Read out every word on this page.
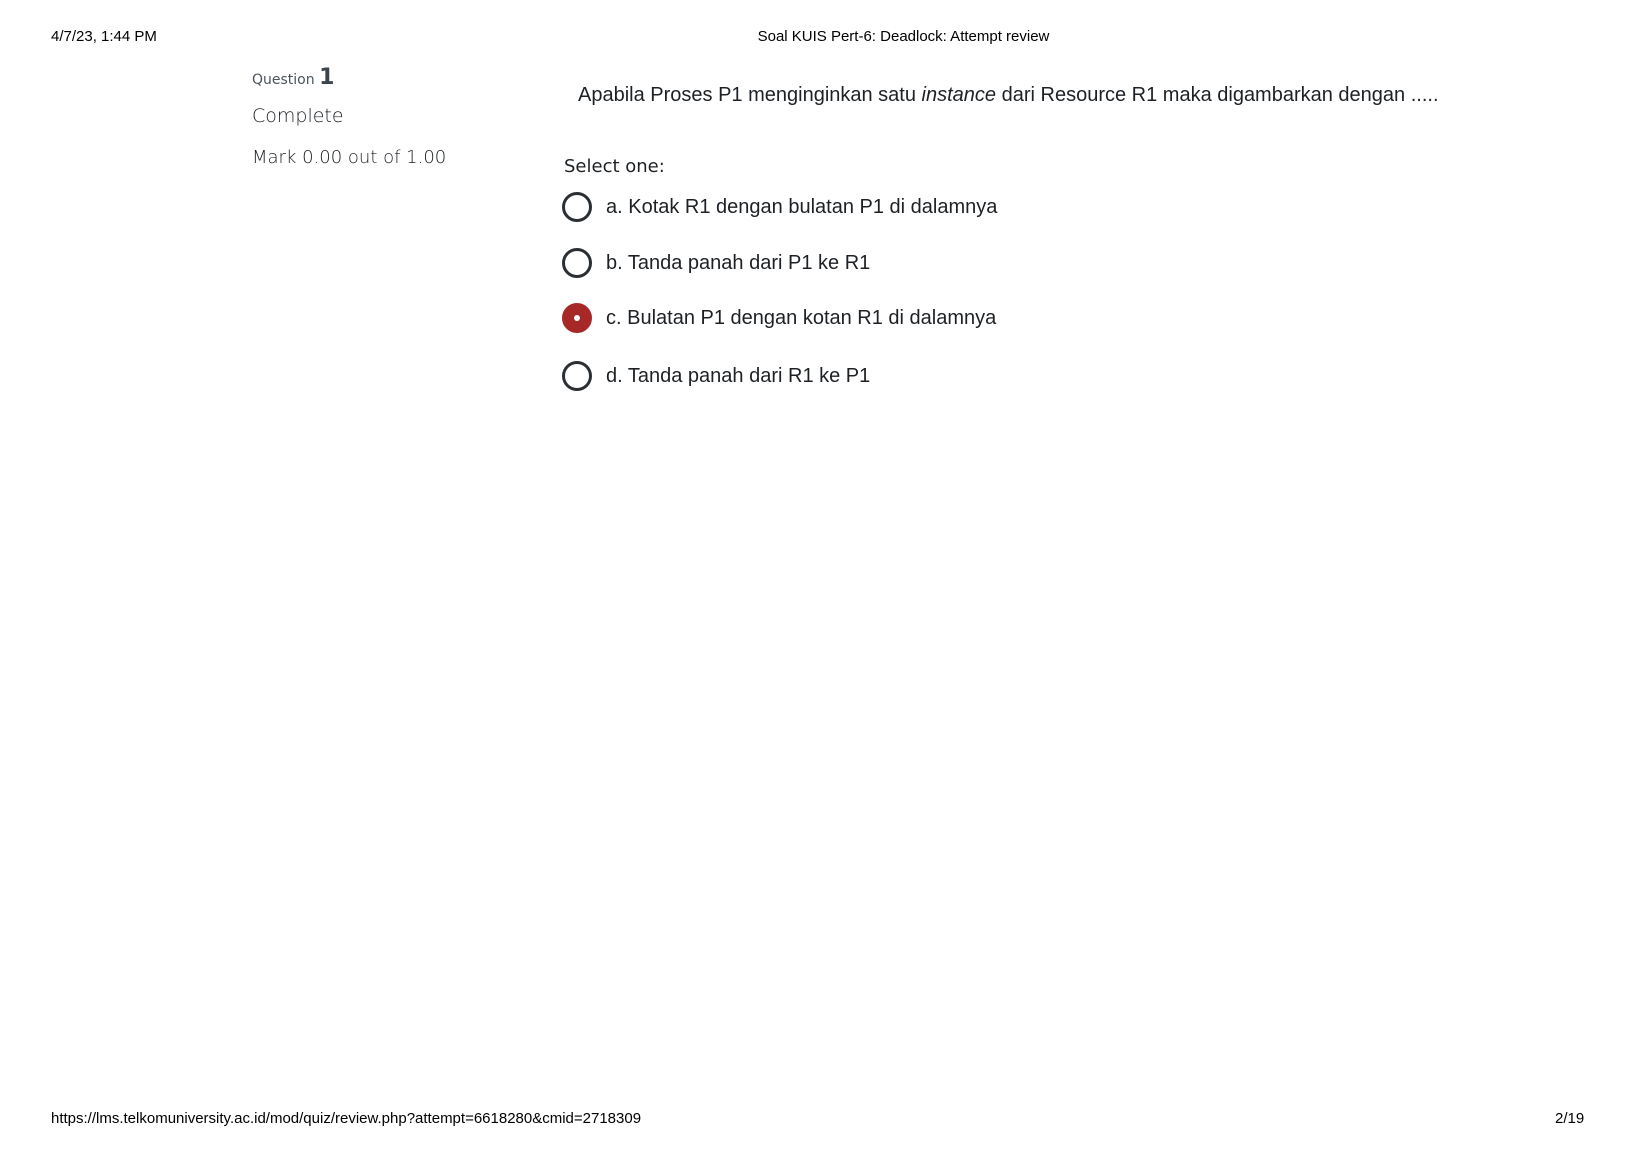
4/7/23, 1:44 PM	Soal KUIS Pert-6: Deadlock: Attempt review
Question 1
Complete
Mark 0.00 out of 1.00
Apabila Proses P1 menginginkan satu instance dari Resource R1 maka digambarkan dengan .....
Select one:
a. Kotak R1 dengan bulatan P1 di dalamnya
b. Tanda panah dari P1 ke R1
c. Bulatan P1 dengan kotan R1 di dalamnya
d. Tanda panah dari R1 ke P1
https://lms.telkomuniversity.ac.id/mod/quiz/review.php?attempt=6618280&cmid=2718309	2/19
